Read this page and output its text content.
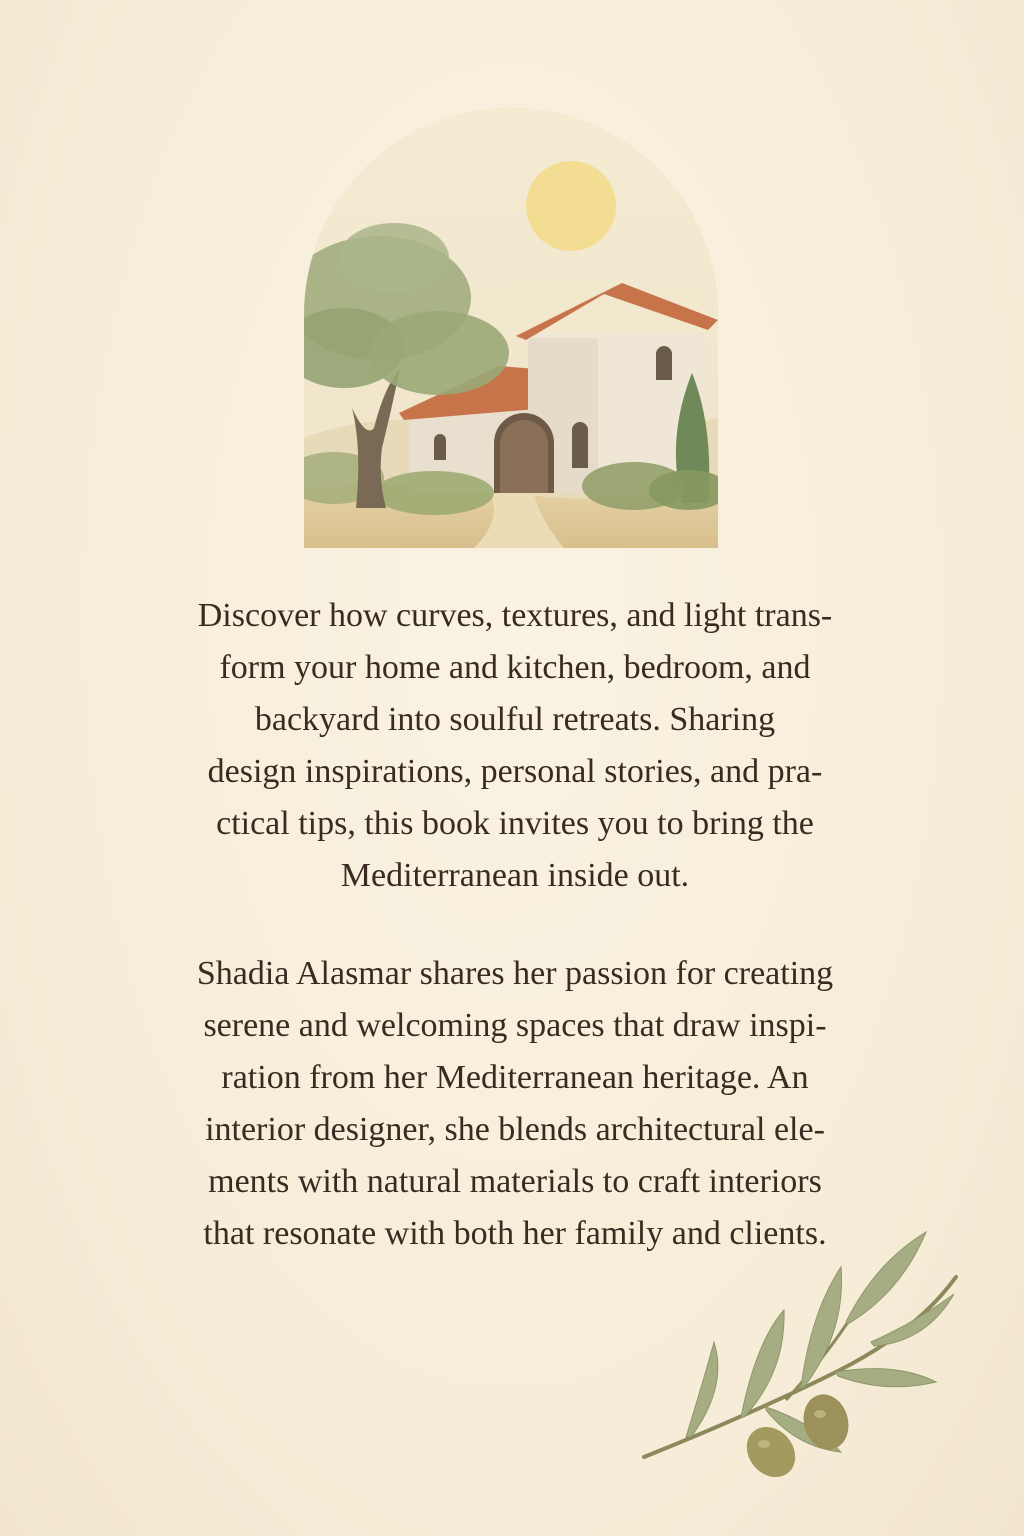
Discover how curves, textures, and light trans-
form your home and kitchen, bedroom, and
backyard into soulful retreats. Sharing
design inspirations, personal stories, and pra-
ctical tips, this book invites you to bring the
Mediterranean inside out.

Shadia Alasmar shares her passion for creating
serene and welcoming spaces that draw inspi-
ration from her Mediterranean heritage. An
interior designer, she blends architectural ele-
ments with natural materials to craft interiors
that resonate with both her family and clients.
